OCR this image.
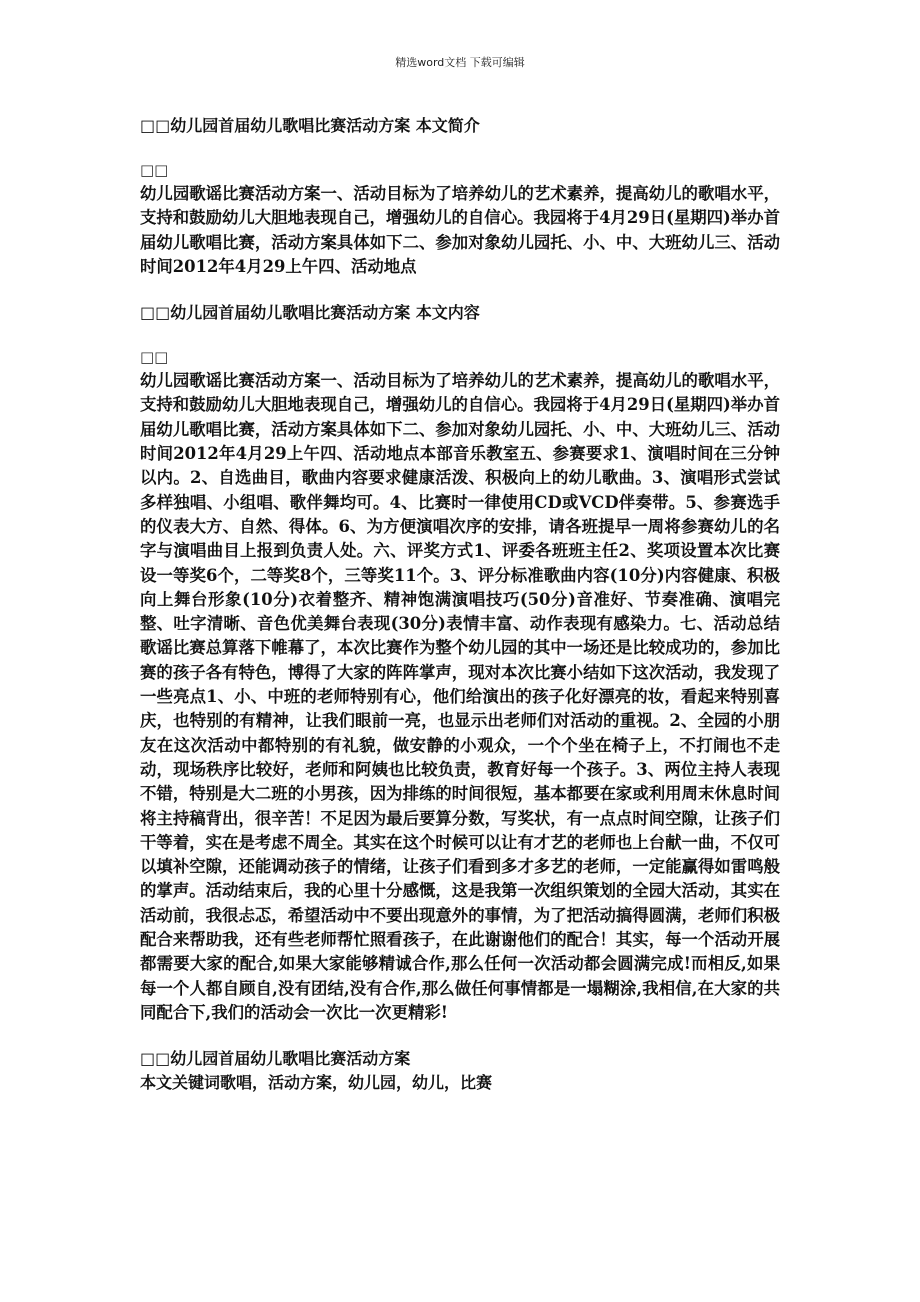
精选word文档 下载可编辑
□□幼儿园首届幼儿歌唱比赛活动方案 本文简介
□□
幼儿园歌谣比赛活动方案一、活动目标为了培养幼儿的艺术素养，提高幼儿的歌唱水平，支持和鼓励幼儿大胆地表现自己，增强幼儿的自信心。我园将于4月29日(星期四)举办首届幼儿歌唱比赛，活动方案具体如下二、参加对象幼儿园托、小、中、大班幼儿三、活动时间2012年4月29上午四、活动地点
□□幼儿园首届幼儿歌唱比赛活动方案 本文内容
□□
幼儿园歌谣比赛活动方案一、活动目标为了培养幼儿的艺术素养，提高幼儿的歌唱水平，支持和鼓励幼儿大胆地表现自己，增强幼儿的自信心。我园将于4月29日(星期四)举办首届幼儿歌唱比赛，活动方案具体如下二、参加对象幼儿园托、小、中、大班幼儿三、活动时间2012年4月29上午四、活动地点本部音乐教室五、参赛要求1、演唱时间在三分钟以内。2、自选曲目，歌曲内容要求健康活泼、积极向上的幼儿歌曲。3、演唱形式尝试多样独唱、小组唱、歌伴舞均可。4、比赛时一律使用CD或VCD伴奏带。5、参赛选手的仪表大方、自然、得体。6、为方便演唱次序的安排，请各班提早一周将参赛幼儿的名字与演唱曲目上报到负责人处。六、评奖方式1、评委各班班主任2、奖项设置本次比赛设一等奖6个，二等奖8个，三等奖11个。3、评分标准歌曲内容(10分)内容健康、积极向上舞台形象(10分)衣着整齐、精神饱满演唱技巧(50分)音准好、节奏准确、演唱完整、吐字清晰、音色优美舞台表现(30分)表情丰富、动作表现有感染力。七、活动总结歌谣比赛总算落下帷幕了，本次比赛作为整个幼儿园的其中一场还是比较成功的，参加比赛的孩子各有特色，博得了大家的阵阵掌声，现对本次比赛小结如下这次活动，我发现了一些亮点1、小、中班的老师特别有心，他们给演出的孩子化好漂亮的妆，看起来特别喜庆，也特别的有精神，让我们眼前一亮，也显示出老师们对活动的重视。2、全园的小朋友在这次活动中都特别的有礼貌，做安静的小观众，一个个坐在椅子上，不打闹也不走动，现场秩序比较好，老师和阿姨也比较负责，教育好每一个孩子。3、两位主持人表现不错，特别是大二班的小男孩，因为排练的时间很短，基本都要在家或利用周末休息时间将主持稿背出，很辛苦！不足因为最后要算分数，写奖状，有一点点时间空隙，让孩子们干等着，实在是考虑不周全。其实在这个时候可以让有才艺的老师也上台献一曲，不仅可以填补空隙，还能调动孩子的情绪，让孩子们看到多才多艺的老师，一定能赢得如雷鸣般的掌声。活动结束后，我的心里十分感慨，这是我第一次组织策划的全园大活动，其实在活动前，我很忐忑，希望活动中不要出现意外的事情，为了把活动搞得圆满，老师们积极配合来帮助我，还有些老师帮忙照看孩子，在此谢谢他们的配合！其实，每一个活动开展都需要大家的配合,如果大家能够精诚合作,那么任何一次活动都会圆满完成!而相反,如果每一个人都自顾自,没有团结,没有合作,那么做任何事情都是一塌糊涂,我相信,在大家的共同配合下,我们的活动会一次比一次更精彩!
□□幼儿园首届幼儿歌唱比赛活动方案
本文关键词歌唱，活动方案，幼儿园，幼儿，比赛
